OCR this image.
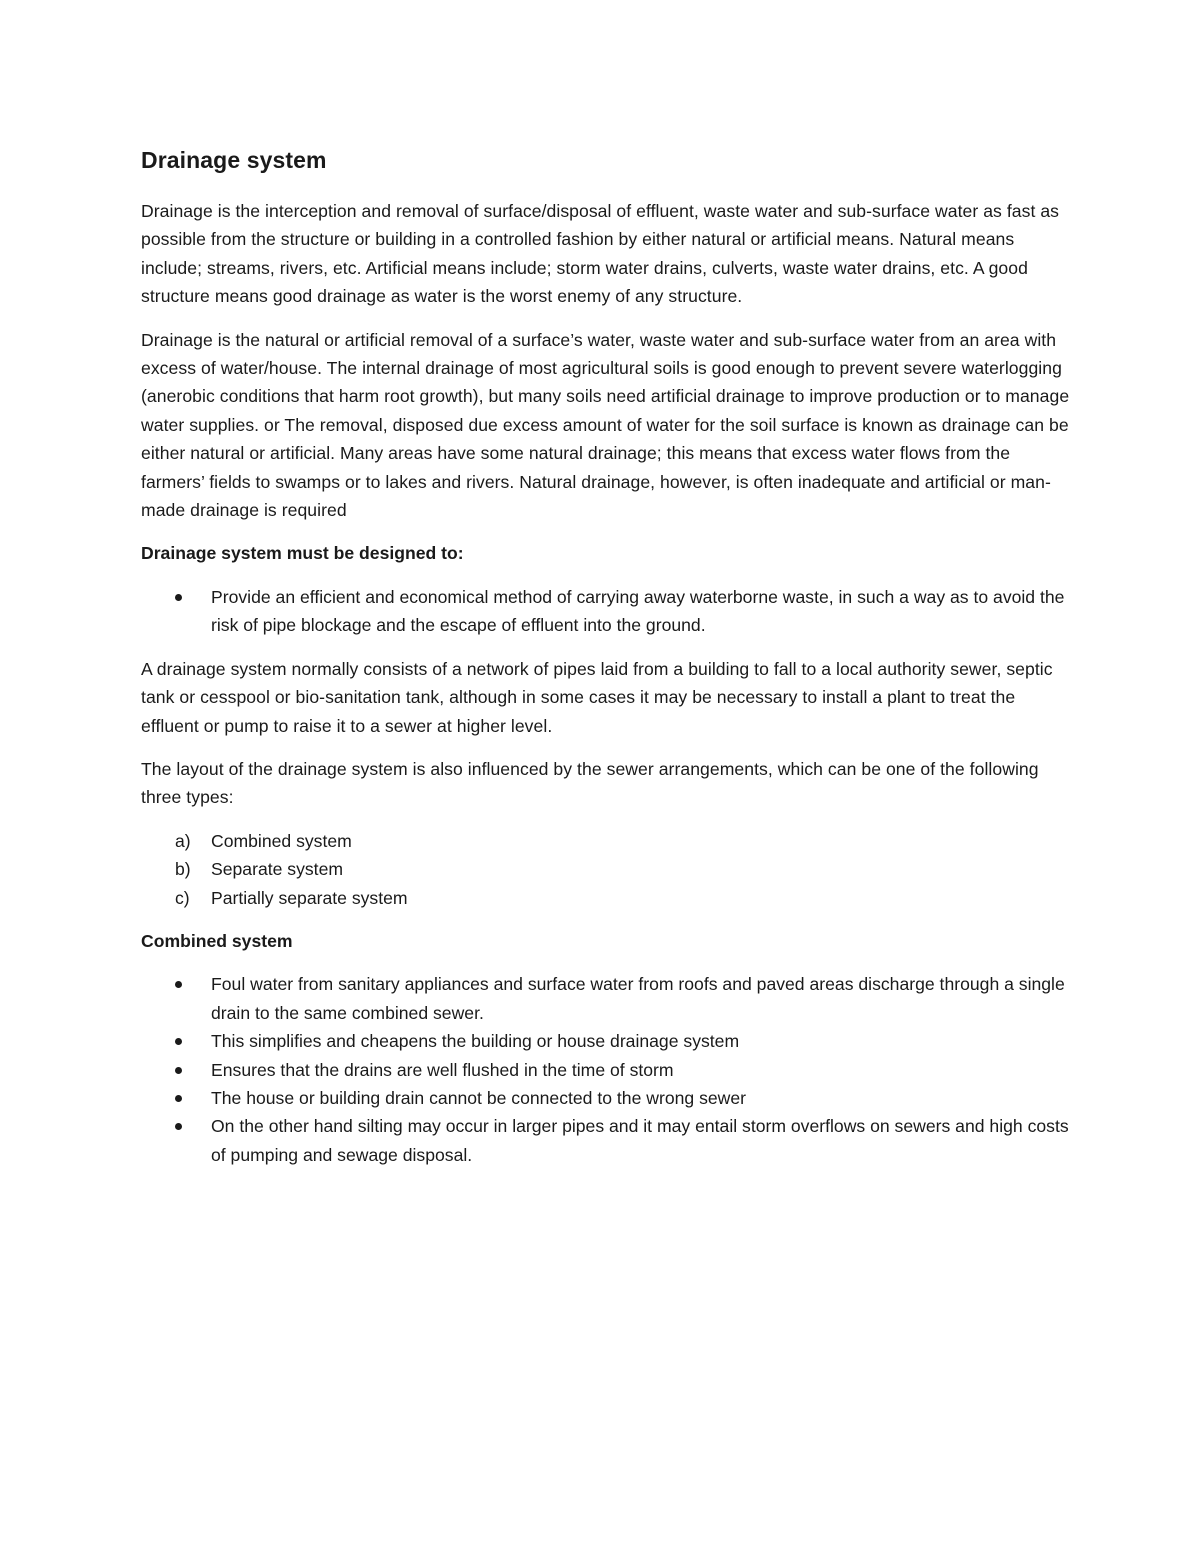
Drainage system

Drainage is the interception and removal of surface/disposal of effluent, waste water and sub-surface water as fast as possible from the structure or building in a controlled fashion by either natural or artificial means. Natural means include; streams, rivers, etc. Artificial means include; storm water drains, culverts, waste water drains, etc. A good structure means good drainage as water is the worst enemy of any structure.

Drainage is the natural or artificial removal of a surface’s water, waste water and sub-surface water from an area with excess of water/house. The internal drainage of most agricultural soils is good enough to prevent severe waterlogging (anerobic conditions that harm root growth), but many soils need artificial drainage to improve production or to manage water supplies. or The removal, disposed due excess amount of water for the soil surface is known as drainage can be either natural or artificial. Many areas have some natural drainage; this means that excess water flows from the farmers’ fields to swamps or to lakes and rivers. Natural drainage, however, is often inadequate and artificial or man-made drainage is required

Drainage system must be designed to:
Provide an efficient and economical method of carrying away waterborne waste, in such a way as to avoid the risk of pipe blockage and the escape of effluent into the ground.

A drainage system normally consists of a network of pipes laid from a building to fall to a local authority sewer, septic tank or cesspool or bio-sanitation tank, although in some cases it may be necessary to install a plant to treat the effluent or pump to raise it to a sewer at higher level.

The layout of the drainage system is also influenced by the sewer arrangements, which can be one of the following three types:

a) Combined system
b) Separate system
c) Partially separate system
Combined system
Foul water from sanitary appliances and surface water from roofs and paved areas discharge through a single drain to the same combined sewer.
This simplifies and cheapens the building or house drainage system
Ensures that the drains are well flushed in the time of storm
The house or building drain cannot be connected to the wrong sewer
On the other hand silting may occur in larger pipes and it may entail storm overflows on sewers and high costs of pumping and sewage disposal.
